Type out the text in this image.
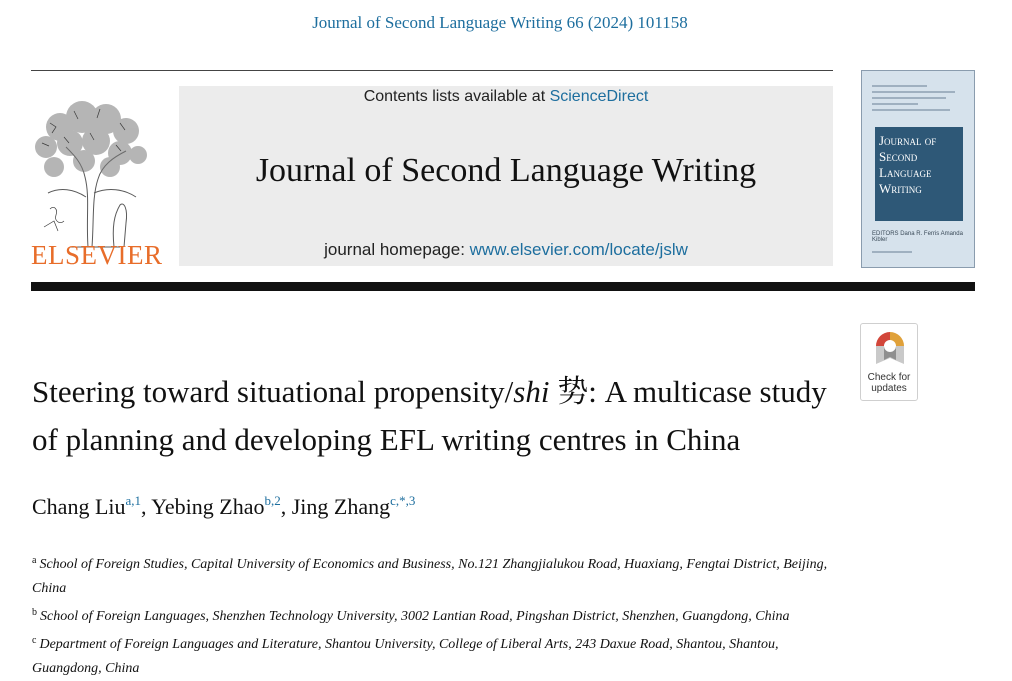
Journal of Second Language Writing 66 (2024) 101158
ELSEVIER
Contents lists available at ScienceDirect
Journal of Second Language Writing
journal homepage: www.elsevier.com/locate/jslw
Journal of
Second
Language
Writing
EDITORS Dana R. Ferris Amanda Kibler
Check for
updates
Steering toward situational propensity/shi 势: A multicase study of planning and developing EFL writing centres in China
Chang Liu$^{a,1}$, Yebing Zhao$^{b,2}$, Jing Zhang$^{c,*,3}$
$^a$ School of Foreign Studies, Capital University of Economics and Business, No.121 Zhangjialukou Road, Huaxiang, Fengtai District, Beijing, China
$^b$ School of Foreign Languages, Shenzhen Technology University, 3002 Lantian Road, Pingshan District, Shenzhen, Guangdong, China
$^c$ Department of Foreign Languages and Literature, Shantou University, College of Liberal Arts, 243 Daxue Road, Shantou, Shantou, Guangdong, China
